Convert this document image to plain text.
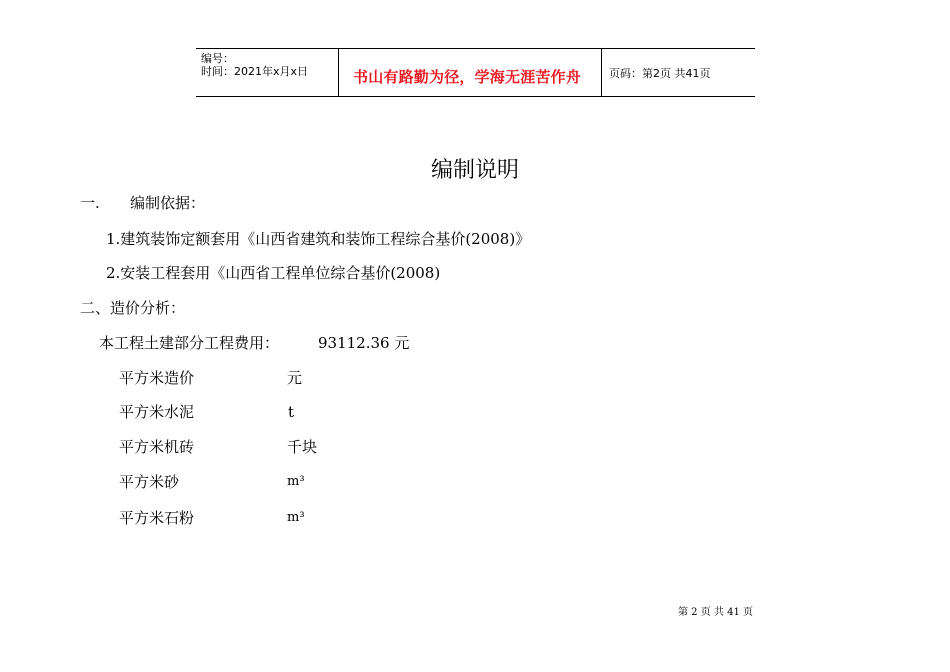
编号：
时间：2021年x月x日	书山有路勤为径，学海无涯苦作舟	页码：第2页 共41页
编制说明
一. 编制依据：
1.建筑装饰定额套用《山西省建筑和装饰工程综合基价(2008)》
2.安装工程套用《山西省工程单位综合基价(2008)
二、造价分析：
本工程土建部分工程费用：	93112.36 元
平方米造价	元
平方米水泥	t
平方米机砖	千块
平方米砂	m³
平方米石粉	m³
第 2 页 共 41 页
